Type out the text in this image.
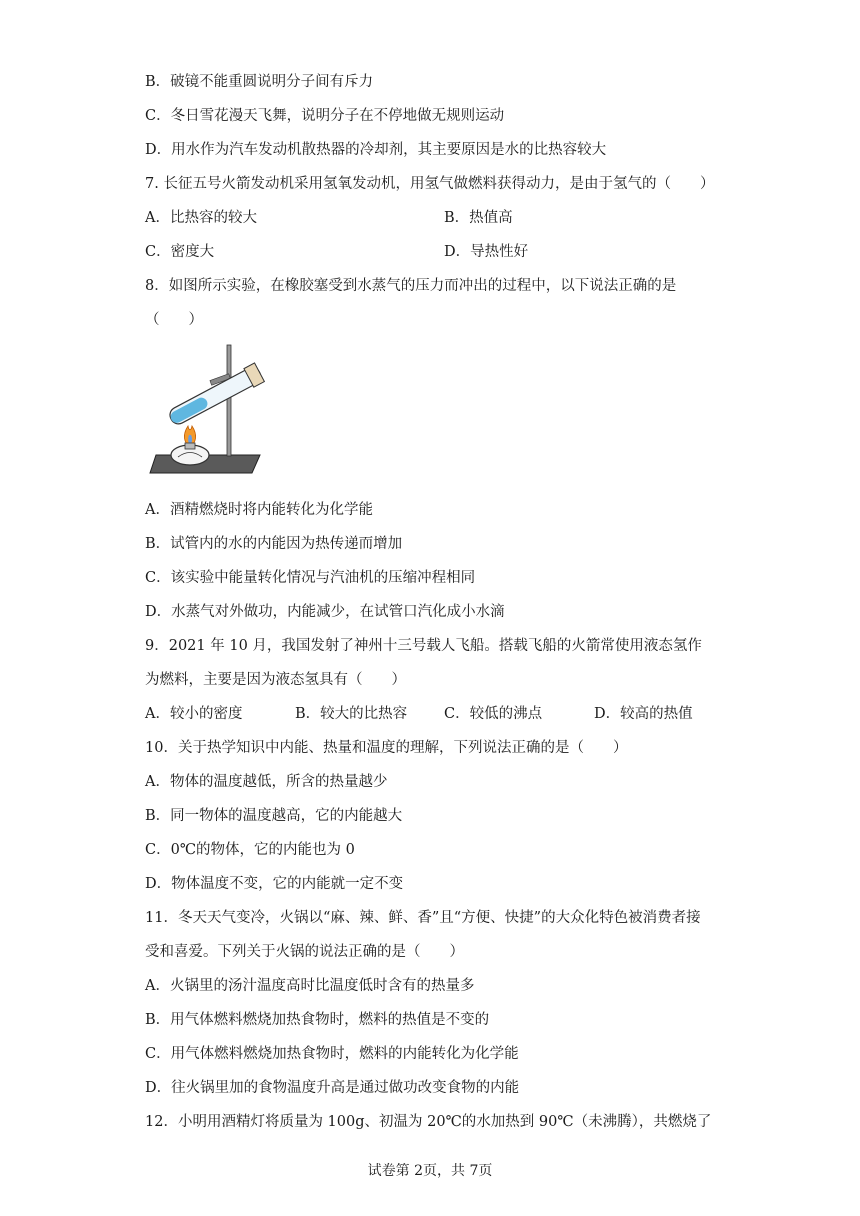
B．破镜不能重圆说明分子间有斥力
C．冬日雪花漫天飞舞，说明分子在不停地做无规则运动
D．用水作为汽车发动机散热器的冷却剂，其主要原因是水的比热容较大
7. 长征五号火箭发动机采用氢氧发动机，用氢气做燃料获得动力，是由于氢气的（　　）
A．比热容的较大	B．热值高
C．密度大	D．导热性好
8．如图所示实验，在橡胶塞受到水蒸气的压力而冲出的过程中，以下说法正确的是
（　　）
A．酒精燃烧时将内能转化为化学能
B．试管内的水的内能因为热传递而增加
C．该实验中能量转化情况与汽油机的压缩冲程相同
D．水蒸气对外做功，内能减少，在试管口汽化成小水滴
9．2021 年 10 月，我国发射了神州十三号载人飞船。搭载飞船的火箭常使用液态氢作
为燃料，主要是因为液态氢具有（　　）
A．较小的密度	B．较大的比热容	C．较低的沸点	D．较高的热值
10．关于热学知识中内能、热量和温度的理解，下列说法正确的是（　　）
A．物体的温度越低，所含的热量越少
B．同一物体的温度越高，它的内能越大
C．0℃的物体，它的内能也为 0
D．物体温度不变，它的内能就一定不变
11．冬天天气变冷，火锅以“麻、辣、鲜、香”且“方便、快捷”的大众化特色被消费者接
受和喜爱。下列关于火锅的说法正确的是（　　）
A．火锅里的汤汁温度高时比温度低时含有的热量多
B．用气体燃料燃烧加热食物时，燃料的热值是不变的
C．用气体燃料燃烧加热食物时，燃料的内能转化为化学能
D．往火锅里加的食物温度升高是通过做功改变食物的内能
12．小明用酒精灯将质量为 100g、初温为 20℃的水加热到 90℃（未沸腾），共燃烧了
试卷第 2页，共 7页
